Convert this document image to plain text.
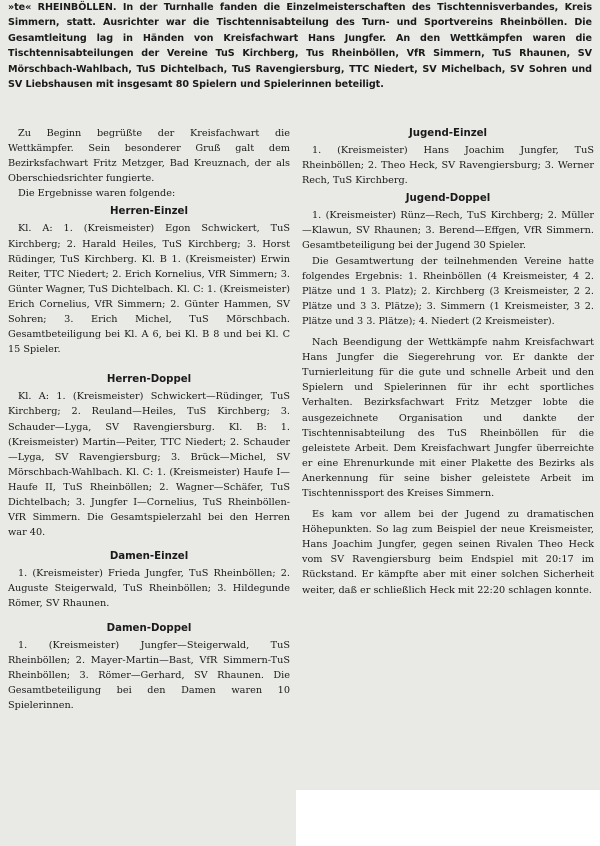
»te« RHEINBÖLLEN. In der Turnhalle fanden die Einzelmeisterschaften des Tischtennisverbandes, Kreis Simmern, statt. Ausrichter war die Tischtennisabteilung des Turn- und Sportvereins Rheinböllen. Die Gesamtleitung lag in Händen von Kreisfachwart Hans Jungfer. An den Wettkämpfen waren die Tischtennisabteilungen der Vereine TuS Kirchberg, Tus Rheinböllen, VfR Simmern, TuS Rhaunen, SV Mörschbach-Wahlbach, TuS Dichtelbach, TuS Ravengiersburg, TTC Niedert, SV Michelbach, SV Sohren und SV Liebshausen mit insgesamt 80 Spielern und Spielerinnen beteiligt.

Zu Beginn begrüßte der Kreisfachwart die Wettkämpfer. Sein besonderer Gruß galt dem Bezirksfachwart Fritz Metzger, Bad Kreuznach, der als Oberschiedsrichter fungierte.

Die Ergebnisse waren folgende:

Herren-Einzel

Kl. A: 1. (Kreismeister) Egon Schwickert, TuS Kirchberg; 2. Harald Heiles, TuS Kirchberg; 3. Horst Rüdinger, TuS Kirchberg. Kl. B 1. (Kreismeister) Erwin Reiter, TTC Niedert; 2. Erich Kornelius, VfR Simmern; 3. Günter Wagner, TuS Dichtelbach. Kl. C: 1. (Kreismeister) Erich Cornelius, VfR Simmern; 2. Günter Hammen, SV Sohren; 3. Erich Michel, TuS Mörschbach. Gesamtbeteiligung bei Kl. A 6, bei Kl. B 8 und bei Kl. C 15 Spieler.

Herren-Doppel

Kl. A: 1. (Kreismeister) Schwickert—Rüdinger, TuS Kirchberg; 2. Reuland—Heiles, TuS Kirchberg; 3. Schauder—Lyga, SV Ravengiersburg. Kl. B: 1. (Kreismeister) Martin—Peiter, TTC Niedert; 2. Schauder—Lyga, SV Ravengiersburg; 3. Brück—Michel, SV Mörschbach-Wahlbach. Kl. C: 1. (Kreismeister) Haufe I—Haufe II, TuS Rheinböllen; 2. Wagner—Schäfer, TuS Dichtelbach; 3. Jungfer I—Cornelius, TuS Rheinböllen-VfR Simmern. Die Gesamtspielerzahl bei den Herren war 40.

Damen-Einzel

1. (Kreismeister) Frieda Jungfer, TuS Rheinböllen; 2. Auguste Steigerwald, TuS Rheinböllen; 3. Hildegunde Römer, SV Rhaunen.

Damen-Doppel

1. (Kreismeister) Jungfer—Steigerwald, TuS Rheinböllen; 2. Mayer-Martin—Bast, VfR Simmern-TuS Rheinböllen; 3. Römer—Gerhard, SV Rhaunen. Die Gesamtbeteiligung bei den Damen waren 10 Spielerinnen.

Jugend-Einzel

1. (Kreismeister) Hans Joachim Jungfer, TuS Rheinböllen; 2. Theo Heck, SV Ravengiersburg; 3. Werner Rech, TuS Kirchberg.

Jugend-Doppel

1. (Kreismeister) Rünz—Rech, TuS Kirchberg; 2. Müller—Klawun, SV Rhaunen; 3. Berend—Effgen, VfR Simmern. Gesamtbeteiligung bei der Jugend 30 Spieler.

Die Gesamtwertung der teilnehmenden Vereine hatte folgendes Ergebnis: 1. Rheinböllen (4 Kreismeister, 4 2. Plätze und 1 3. Platz); 2. Kirchberg (3 Kreismeister, 2 2. Plätze und 3 3. Plätze); 3. Simmern (1 Kreismeister, 3 2. Plätze und 3 3. Plätze); 4. Niedert (2 Kreismeister).

Nach Beendigung der Wettkämpfe nahm Kreisfachwart Hans Jungfer die Siegerehrung vor. Er dankte der Turnierleitung für die gute und schnelle Arbeit und den Spielern und Spielerinnen für ihr echt sportliches Verhalten. Bezirksfachwart Fritz Metzger lobte die ausgezeichnete Organisation und dankte der Tischtennisabteilung des TuS Rheinböllen für die geleistete Arbeit. Dem Kreisfachwart Jungfer überreichte er eine Ehrenurkunde mit einer Plakette des Bezirks als Anerkennung für seine bisher geleistete Arbeit im Tischtennissport des Kreises Simmern.

Es kam vor allem bei der Jugend zu dramatischen Höhepunkten. So lag zum Beispiel der neue Kreismeister, Hans Joachim Jungfer, gegen seinen Rivalen Theo Heck vom SV Ravengiersburg beim Endspiel mit 20:17 im Rückstand. Er kämpfte aber mit einer solchen Sicherheit weiter, daß er schließlich Heck mit 22:20 schlagen konnte.
